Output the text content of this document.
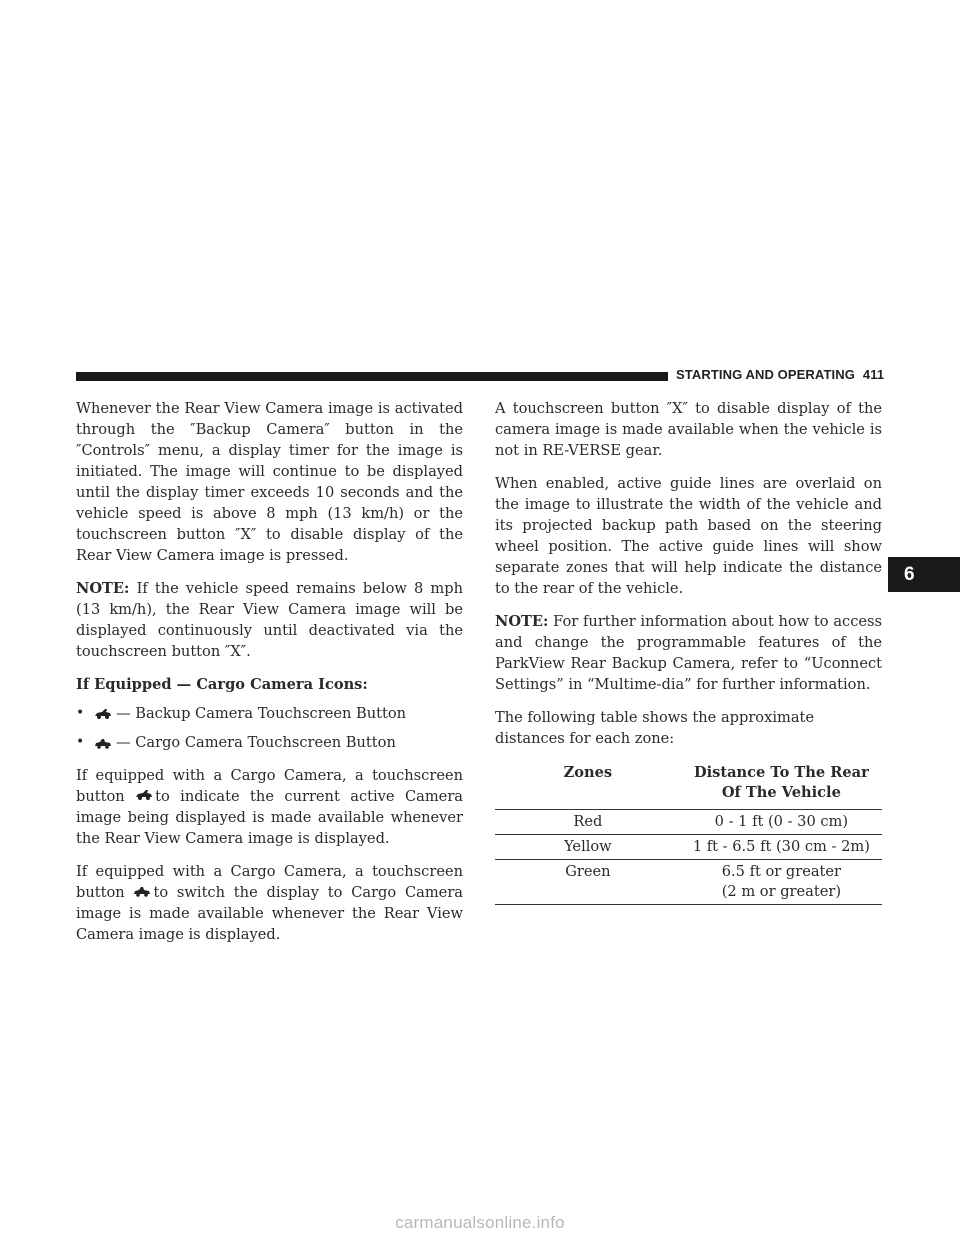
STARTING AND OPERATING 411

Whenever the Rear View Camera image is activated through the ″Backup Camera″ button in the ″Controls″ menu, a display timer for the image is initiated. The image will continue to be displayed until the display timer exceeds 10 seconds and the vehicle speed is above 8 mph (13 km/h) or the touchscreen button ″X″ to disable display of the Rear View Camera image is pressed.

NOTE: If the vehicle speed remains below 8 mph (13 km/h), the Rear View Camera image will be displayed continuously until deactivated via the touchscreen button ″X″.

If Equipped — Cargo Camera Icons:

•	— Backup Camera Touchscreen Button
•	— Cargo Camera Touchscreen Button

If equipped with a Cargo Camera, a touchscreen button to indicate the current active Camera image being displayed is made available whenever the Rear View Camera image is displayed.

If equipped with a Cargo Camera, a touchscreen button to switch the display to Cargo Camera image is made available whenever the Rear View Camera image is displayed.

A touchscreen button ″X″ to disable display of the camera image is made available when the vehicle is not in RE-VERSE gear.

When enabled, active guide lines are overlaid on the image to illustrate the width of the vehicle and its projected backup path based on the steering wheel position. The active guide lines will show separate zones that will help indicate the distance to the rear of the vehicle.

NOTE: For further information about how to access and change the programmable features of the ParkView Rear Backup Camera, refer to “Uconnect Settings” in “Multime-dia” for further information.

The following table shows the approximate distances for each zone:

Zones	Distance To The Rear Of The Vehicle
Red	0 - 1 ft (0 - 30 cm)
Yellow	1 ft - 6.5 ft (30 cm - 2m)
Green	6.5 ft or greater (2 m or greater)
6
carmanualsonline.info
